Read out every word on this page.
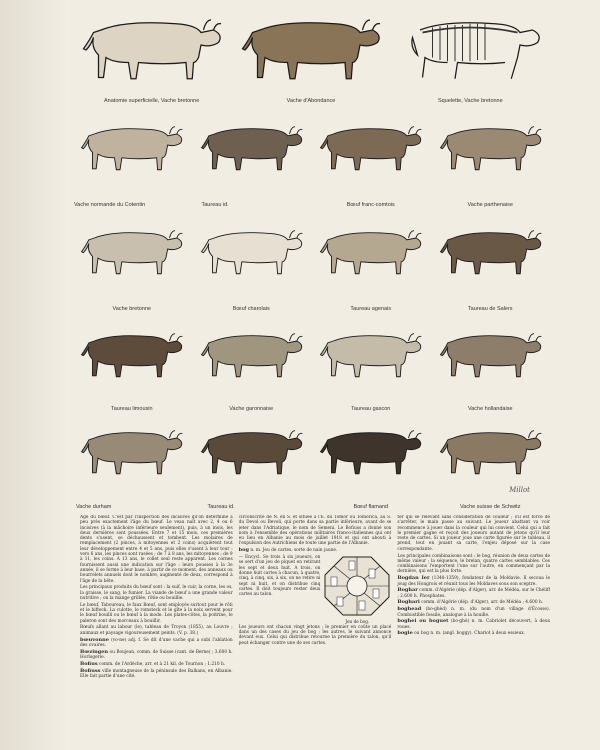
Anatomie superficielle, Vache bretonne	Vache d'Abondance	Squelette, Vache bretonne
Vache normande du Cotentin	Taureau id.	Bœuf franc-comtois	Vache parthenaise
Vache bretonne	Bœuf charolais	Taureau agenais	Taureau de Salers
Taureau limousin	Vache garonnaise	Taureau gascon	Vache hollandaise
Vache durham	Taureau id.	Bœuf flamand	Vache suisse de Schwitz
Millot

Age du bœuf. C'est par l'inspection des incisives qu'on détermine à peu près exactement l'âge du bœuf. Le veau naît avec 2, 4 ou 6 incisives (à la mâchoire inférieure seulement), puis, à un mois, les deux dernières sont poussées. Entre 7 et 15 mois, ces premières dents s'usent, se déchaussent et tombent. Les molaires de remplacement (2 pinces, à mitoyennes et 2 coins) acquièrent tout leur développement entre 4 et 5 ans, puis elles s'usent à leur tour : vers 6 ans, les pinces sont rasées ; de 7 à 8 ans, les mitoyennes ; de 9 à 11, les coins. A 13 ans, le collet seul reste apparent. Les cornes fournissent aussi une indication sur l'âge : leurs pousses à la 3e année, il se forme à leur base, à partir de ce moment, des anneaux ou bourrelets annuels dont le nombre, augmenté de deux, correspond à l'âge de la bête.

Les principaux produits du bœuf sont : la suif, le cuir, la corne, les os, la graisse, le sang, le fumier. La viande de bœuf a une grande valeur nutritive ; on la mange grillée, rôtie ou bouillie.

Le bœuf, Taboureau, le faux Bœuf, sont employés surtout pour le rôti et le bifteck. La culotte, le romsteck et le gîte à la noix servent pour le bœuf bouilli ou le bœuf à la mode. Les plates-côtes, la poitrine, le paleron sont des morceaux à bouillir.

Bœufs allant au labour (le), tableau de Troyon (1855), au Louvre ; animaux et paysage vigoureusement peints. (V. p. 38.)

bœuvonne (vo-ne) adj. f. Se dit d'une vache qui a subi l'ablation des ovaires.

Bœzingen ou Boujean, comm. de Suisse (cant. de Berne) ; 3.600 h. Horlogerie.

Bofius comm. de l'Ardèche, arr. et à 21 kil. de Tournon ; 1.210 h.

Bofiuss ville montagneuse de la péninsule des Balkans, en Albanie. Elle fait partie d'une cité.

circonscrite de N. en S. et située à l'E. du Tomor ou Tomorica, au S. du Devol ou Bevoli, qui porte dans sa partie inférieure, avant de se jeter dans l'Adriatique, le nom de Semeni. Le Bofiuss a donné son nom à l'ensemble des opérations militaires franco-italiennes qui ont eu lieu en Albanie au mois de juillet 1918 et qui ont abouti à l'expulsion des Autrichiens de toute une partie de l'Albanie.

bog n. m. Jeu de cartes, sorte de nain jaune.

— Encycl. Se trois à six joueurs, on se sert d'un jeu de piquet en retirant les sept et deux huit. A trois, on donne huit cartes à chacun, à quatre, cinq, à cinq, six, à six, on ne retire ni sept ni huit, et on distribue cinq cartes. Il doit toujours rester deux cartes au talon.

Jeu de bog.

Les joueurs ont chacun vingt jetons ; le premier en coûte un placé dans un des cases du jeu de bog ; les autres, le suivant annonce devant eux. Celui qui distribue retourne la première du talon, qu'il peut échanger contre une de ses cartes.

ter qui se relevant sans considération de couleur ; s'il est forcé de s'arrêter, le main passe au suivant. Le joueur abattant va voir recommence à jouer dans la couleur qui lui convient. Celui qui a fait le premier gagne et reçoit des joueurs autant de jetons qu'il leur reste de cartes. Si un joueur joue une carte figurée sur le tableau, il prend, tout en jouant sa carte, l'enjeu déposé sur la case correspondante.

Les principales combinaisons sont : le bog, réunion de deux cartes de même valeur ; la séquence, le brelan, quatre cartes semblables. Ces combinaisons l'emportent l'une sur l'autre, en commençant par la dernière, qui est la plus forte.

Bogdan Ier (1348-1359), fondateur de la Moldavie. Il secoua le joug des Hongrois et réunit tous les Moldaves sous son sceptre.

Boghar comm. d'Algérie (dép. d'Alger), arr. de Médéa, sur le Chéliff ; 2.600 h. Phosphates.

Boghari comm. d'Algérie (dép. d'Alger), arr. de Médéa ; 4.600 h.

boghead (bo-ghèd) n. m. (du nom d'un village d'Écosse). Combustible fossile, analogue à la houille.

boghei ou boguet (bo-ghè) n. m. Cabriolet découvert, à deux roues.

bogie ou bog n. m. (angl. boggy). Chariot à deux essieux.
